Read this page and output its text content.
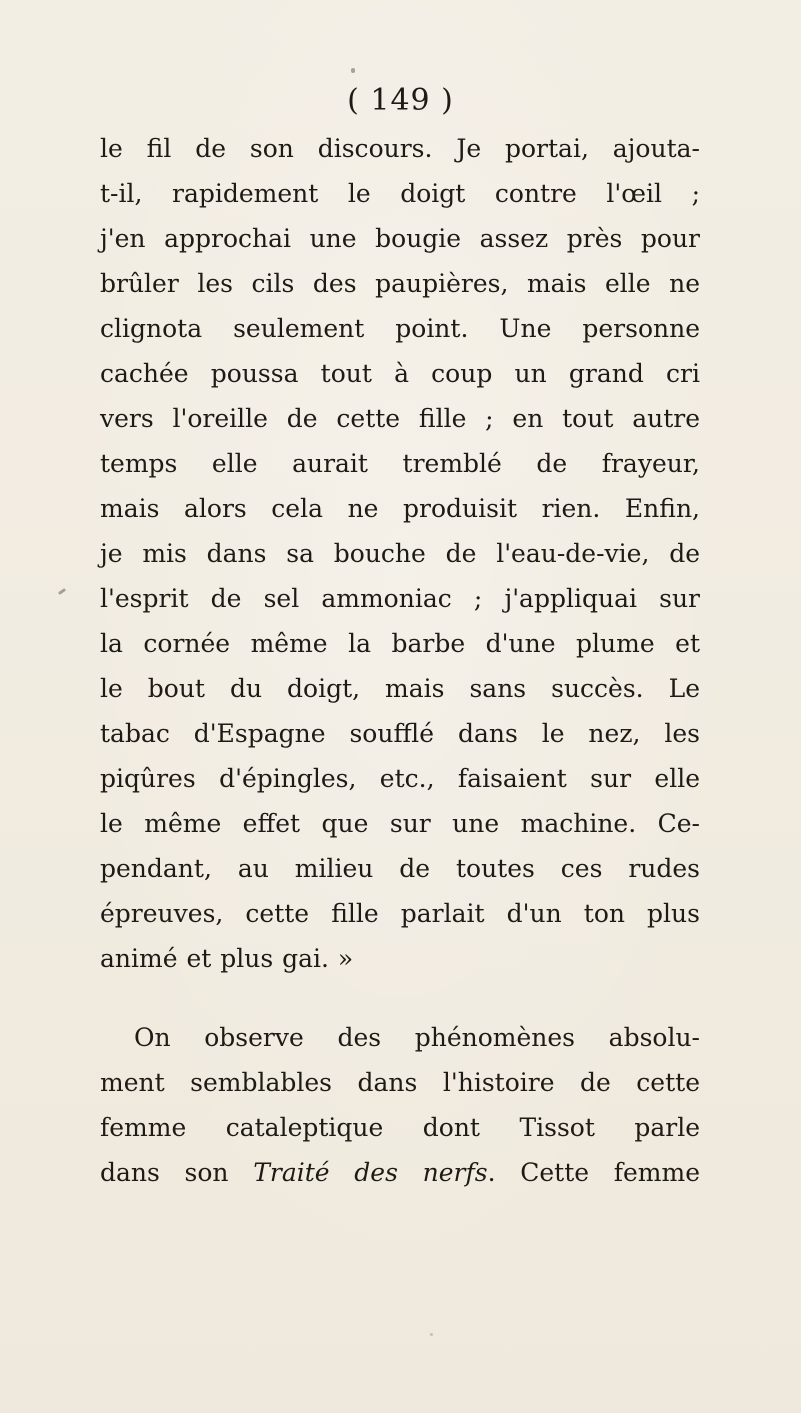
( 149 )
le fil de son discours. Je portai, ajouta-
t-il, rapidement le doigt contre l'œil ;
j'en approchai une bougie assez près pour
brûler les cils des paupières, mais elle ne
clignota seulement point. Une personne
cachée poussa tout à coup un grand cri
vers l'oreille de cette fille ; en tout autre
temps elle aurait tremblé de frayeur,
mais alors cela ne produisit rien. Enfin,
je mis dans sa bouche de l'eau-de-vie, de
l'esprit de sel ammoniac ; j'appliquai sur
la cornée même la barbe d'une plume et
le bout du doigt, mais sans succès. Le
tabac d'Espagne soufflé dans le nez, les
piqûres d'épingles, etc., faisaient sur elle
le même effet que sur une machine. Ce-
pendant, au milieu de toutes ces rudes
épreuves, cette fille parlait d'un ton plus
animé et plus gai. »
On observe des phénomènes absolu-
ment semblables dans l'histoire de cette
femme cataleptique dont Tissot parle
dans son Traité des nerfs. Cette femme
